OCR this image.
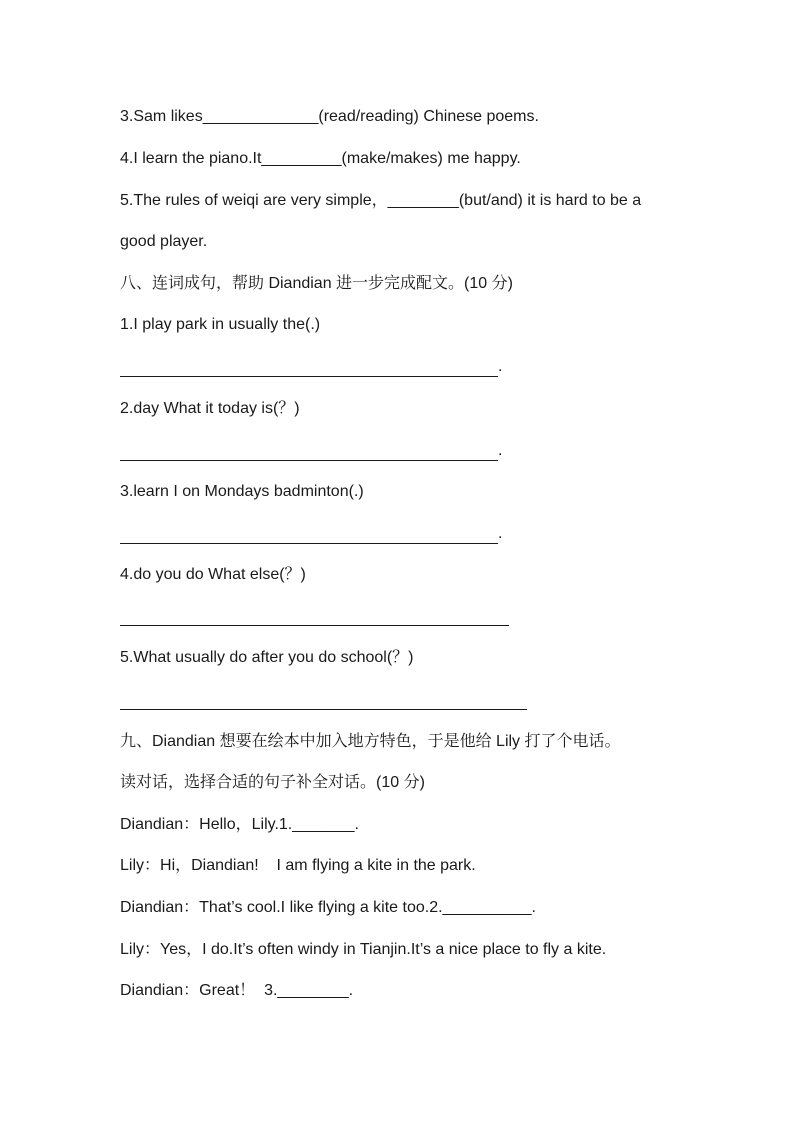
3.Sam likes_____________(read/reading) Chinese poems.
4.I learn the piano.It_________(make/makes) me happy.
5.The rules of weiqi are very simple，________(but/and) it is hard to be a
good player.
八、连词成句，帮助 Diandian 进一步完成配文。(10 分)
1.I play park in usually the(.)
.
2.day What it today is(？)
.
3.learn I on Mondays badminton(.)
.
4.do you do What else(？)
5.What usually do after you do school(？)
九、Diandian 想要在绘本中加入地方特色，于是他给 Lily 打了个电话。
读对话，选择合适的句子补全对话。(10 分)
Diandian：Hello，Lily.1._______.
Lily：Hi，Diandian!    I am flying a kite in the park.
Diandian：That’s cool.I like flying a kite too.2.__________.
Lily：Yes，I do.It’s often windy in Tianjin.It’s a nice place to fly a kite.
Diandian：Great！  3.________.
